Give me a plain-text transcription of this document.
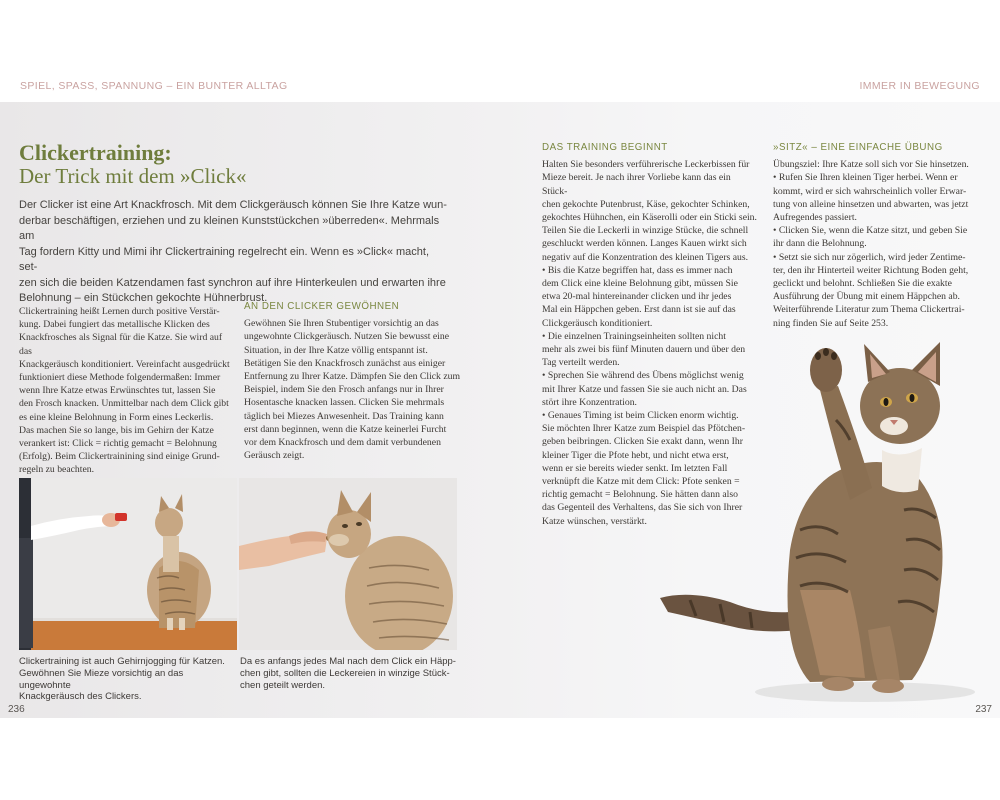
SPIEL, SPASS, SPANNUNG – EIN BUNTER ALLTAG	IMMER IN BEWEGUNG
Clickertraining:
Der Trick mit dem »Click«

Der Clicker ist eine Art Knackfrosch. Mit dem Clickgeräusch können Sie Ihre Katze wun-

derbar beschäftigen, erziehen und zu kleinen Kunststückchen »überreden«. Mehrmals am

Tag fordern Kitty und Mimi ihr Clickertraining regelrecht ein. Wenn es »Click« macht, set-

zen sich die beiden Katzendamen fast synchron auf ihre Hinterkeulen und erwarten ihre

Belohnung – ein Stückchen gekochte Hühnerbrust.

Clickertraining heißt Lernen durch positive Verstär-

kung. Dabei fungiert das metallische Klicken des

Knackfrosches als Signal für die Katze. Sie wird auf das

Knackgeräusch konditioniert. Vereinfacht ausgedrückt

funktioniert diese Methode folgendermaßen: Immer

wenn Ihre Katze etwas Erwünschtes tut, lassen Sie

den Frosch knacken. Unmittelbar nach dem Click gibt

es eine kleine Belohnung in Form eines Leckerlis.

Das machen Sie so lange, bis im Gehirn der Katze

verankert ist: Click = richtig gemacht = Belohnung

(Erfolg). Beim Clickertrainining sind einige Grund-

regeln zu beachten.

AN DEN CLICKER GEWÖHNEN

Gewöhnen Sie Ihren Stubentiger vorsichtig an das

ungewohnte Clickgeräusch. Nutzen Sie bewusst eine

Situation, in der Ihre Katze völlig entspannt ist.

Betätigen Sie den Knackfrosch zunächst aus einiger

Entfernung zu Ihrer Katze. Dämpfen Sie den Click zum

Beispiel, indem Sie den Frosch anfangs nur in Ihrer

Hosentasche knacken lassen. Clicken Sie mehrmals

täglich bei Miezes Anwesenheit. Das Training kann

erst dann beginnen, wenn die Katze keinerlei Furcht

vor dem Knackfrosch und dem damit verbundenen

Geräusch zeigt.

DAS TRAINING BEGINNT

Halten Sie besonders verführerische Leckerbissen für

Mieze bereit. Je nach ihrer Vorliebe kann das ein Stück-

chen gekochte Putenbrust, Käse, gekochter Schinken,

gekochtes Hühnchen, ein Käserolli oder ein Sticki sein.

Teilen Sie die Leckerli in winzige Stücke, die schnell

geschluckt werden können. Langes Kauen wirkt sich

negativ auf die Konzentration des kleinen Tigers aus.

• Bis die Katze begriffen hat, dass es immer nach

dem Click eine kleine Belohnung gibt, müssen Sie

etwa 20-mal hintereinander clicken und ihr jedes

Mal ein Häppchen geben. Erst dann ist sie auf das

Clickgeräusch konditioniert.

• Die einzelnen Trainingseinheiten sollten nicht

mehr als zwei bis fünf Minuten dauern und über den

Tag verteilt werden.

• Sprechen Sie während des Übens möglichst wenig

mit Ihrer Katze und fassen Sie sie auch nicht an. Das

stört ihre Konzentration.

• Genaues Timing ist beim Clicken enorm wichtig.

Sie möchten Ihrer Katze zum Beispiel das Pfötchen-

geben beibringen. Clicken Sie exakt dann, wenn Ihr

kleiner Tiger die Pfote hebt, und nicht etwa erst,

wenn er sie bereits wieder senkt. Im letzten Fall

verknüpft die Katze mit dem Click: Pfote senken =

richtig gemacht = Belohnung. Sie hätten dann also

das Gegenteil des Verhaltens, das Sie sich von Ihrer

Katze wünschen, verstärkt.

»SITZ« – EINE EINFACHE ÜBUNG

Übungsziel: Ihre Katze soll sich vor Sie hinsetzen.

• Rufen Sie Ihren kleinen Tiger herbei. Wenn er

kommt, wird er sich wahrscheinlich voller Erwar-

tung von alleine hinsetzen und abwarten, was jetzt

Aufregendes passiert.

• Clicken Sie, wenn die Katze sitzt, und geben Sie

ihr dann die Belohnung.

• Setzt sie sich nur zögerlich, wird jeder Zentime-

ter, den ihr Hinterteil weiter Richtung Boden geht,

geclickt und belohnt. Schließen Sie die exakte

Ausführung der Übung mit einem Häppchen ab.

Weiterführende Literatur zum Thema Clickertrai-

ning finden Sie auf Seite 253.

Clickertraining ist auch Gehirnjogging für Katzen.
Gewöhnen Sie Mieze vorsichtig an das ungewohnte
Knackgeräusch des Clickers.
Da es anfangs jedes Mal nach dem Click ein Häpp-
chen gibt, sollten die Leckereien in winzige Stück-
chen geteilt werden.
236	237
